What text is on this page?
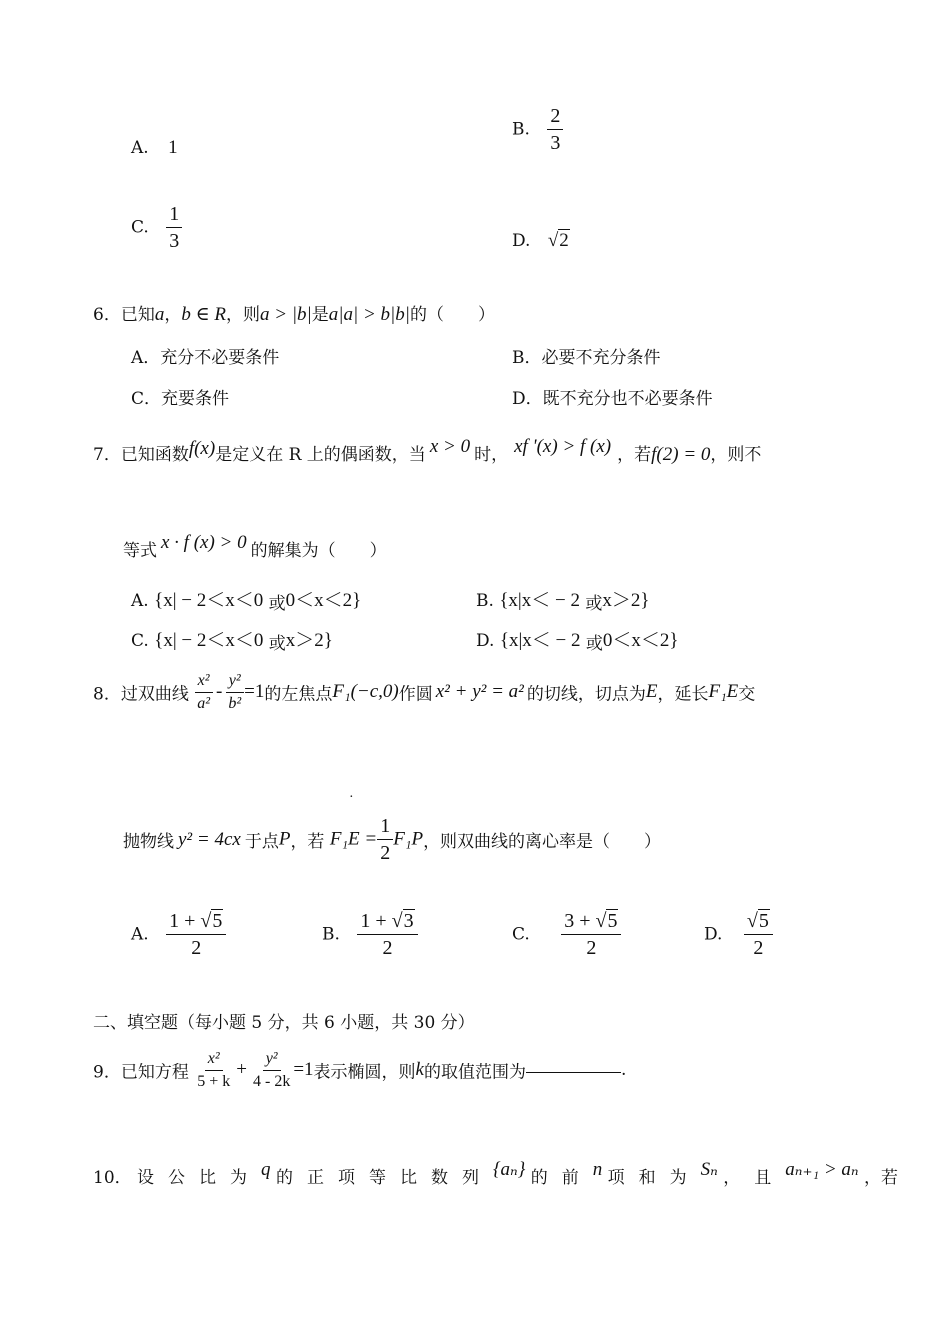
A. 1
B. $\frac{2}{3}$
C. $\frac{1}{3}$	D. √2
6．已知a，b ∈ R，则a > |b|是a|a| > b|b|的（　　）
A．充分不必要条件	B．必要不充分条件
C．充要条件	D．既不充分也不必要条件
7．已知函数f(x)是定义在 R 上的偶函数，当 x > 0 时， xf '(x) > f (x) ，若f(2) = 0，则不
等式 x · f (x) > 0 的解集为（　　）
A. {x| − 2＜x＜0 或0＜x＜2}	B. {x|x＜ − 2 或x＞2}
C. {x| − 2＜x＜0 或x＞2}	D. {x|x＜ − 2 或0＜x＜2}
8．过双曲线 $\frac{\text{x²}}{\text{a²}} - \frac{\text{y²}}{\text{b²}} =1$的左焦点F₁(−c,0)作圆 x² + y² = a² 的切线，切点为E，延长F₁E交
·
抛物线 y² = 4cx 于点P，若 $F_1E = \frac{1}{2} F_1P$，则双曲线的离心率是（　　）
A. $\frac{1 + √5}{2}$	B. $\frac{1 + √3}{2}$	C. $\frac{3 + √5}{2}$	D. $\frac{√5}{2}$
二、填空题（每小题 5 分，共 6 小题，共 30 分）
9．已知方程 $\frac{\text{x²}}{5 + k} + \frac{\text{y²}}{4 - 2k} =1$表示椭圆，则k的取值范围为	.
10． 设公比为q 的正项等比数列{aₙ} 的前n 项和为Sₙ ，且aₙ₊₁ > aₙ ，若
